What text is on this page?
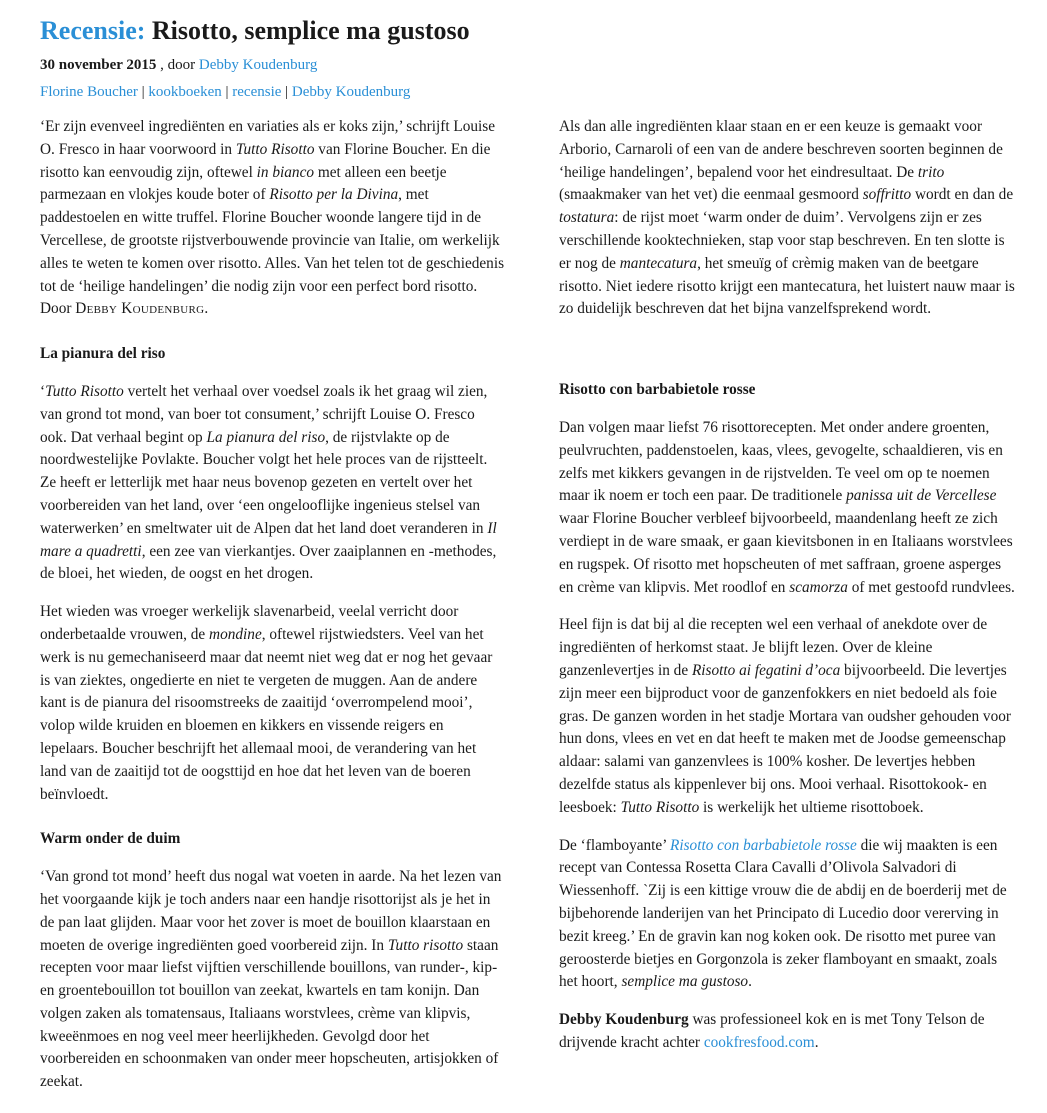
Recensie: Risotto, semplice ma gustoso
30 november 2015 , door Debby Koudenburg
Florine Boucher | kookboeken | recensie | Debby Koudenburg

‘Er zijn evenveel ingrediënten en variaties als er koks zijn,’ schrijft Louise O. Fresco in haar voorwoord in Tutto Risotto van Florine Boucher. En die risotto kan eenvoudig zijn, oftewel in bianco met alleen een beetje parmezaan en vlokjes koude boter of Risotto per la Divina, met paddestoelen en witte truffel. Florine Boucher woonde langere tijd in de Vercellese, de grootste rijstverbouwende provincie van Italie, om werkelijk alles te weten te komen over risotto. Alles. Van het telen tot de geschiedenis tot de ‘heilige handelingen’ die nodig zijn voor een perfect bord risotto. Door Debby Koudenburg.

La pianura del riso

‘Tutto Risotto vertelt het verhaal over voedsel zoals ik het graag wil zien, van grond tot mond, van boer tot consument,’ schrijft Louise O. Fresco ook. Dat verhaal begint op La pianura del riso, de rijstvlakte op de noordwestelijke Povlakte. Boucher volgt het hele proces van de rijstteelt. Ze heeft er letterlijk met haar neus bovenop gezeten en vertelt over het voorbereiden van het land, over ‘een ongelooflijke ingenieus stelsel van waterwerken’ en smeltwater uit de Alpen dat het land doet veranderen in Il mare a quadretti, een zee van vierkantjes. Over zaaiplannen en -methodes, de bloei, het wieden, de oogst en het drogen.

Het wieden was vroeger werkelijk slavenarbeid, veelal verricht door onderbetaalde vrouwen, de mondine, oftewel rijstwiedsters. Veel van het werk is nu gemechaniseerd maar dat neemt niet weg dat er nog het gevaar is van ziektes, ongedierte en niet te vergeten de muggen. Aan de andere kant is de pianura del risoomstreeks de zaaitijd ‘overrompelend mooi’, volop wilde kruiden en bloemen en kikkers en vissende reigers en lepelaars. Boucher beschrijft het allemaal mooi, de verandering van het land van de zaaitijd tot de oogsttijd en hoe dat het leven van de boeren beïnvloedt.

Warm onder de duim

‘Van grond tot mond’ heeft dus nogal wat voeten in aarde. Na het lezen van het voorgaande kijk je toch anders naar een handje risottorijst als je het in de pan laat glijden. Maar voor het zover is moet de bouillon klaarstaan en moeten de overige ingrediënten goed voorbereid zijn. In Tutto risotto staan recepten voor maar liefst vijftien verschillende bouillons, van runder-, kip- en groentebouillon tot bouillon van zeekat, kwartels en tam konijn. Dan volgen zaken als tomatensaus, Italiaans worstvlees, crème van klipvis, kweeënmoes en nog veel meer heerlijkheden. Gevolgd door het voorbereiden en schoonmaken van onder meer hopscheuten, artisjokken of zeekat.

Als dan alle ingrediënten klaar staan en er een keuze is gemaakt voor Arborio, Carnaroli of een van de andere beschreven soorten beginnen de ‘heilige handelingen’, bepalend voor het eindresultaat. De trito (smaakmaker van het vet) die eenmaal gesmoord soffritto wordt en dan de tostatura: de rijst moet ‘warm onder de duim’. Vervolgens zijn er zes verschillende kooktechnieken, stap voor stap beschreven. En ten slotte is er nog de mantecatura, het smeuïg of crèmig maken van de beetgare risotto. Niet iedere risotto krijgt een mantecatura, het luistert nauw maar is zo duidelijk beschreven dat het bijna vanzelfsprekend wordt.

Risotto con barbabietole rosse

Dan volgen maar liefst 76 risottorecepten. Met onder andere groenten, peulvruchten, paddenstoelen, kaas, vlees, gevogelte, schaaldieren, vis en zelfs met kikkers gevangen in de rijstvelden. Te veel om op te noemen maar ik noem er toch een paar. De traditionele panissa uit de Vercellese waar Florine Boucher verbleef bijvoorbeeld, maandenlang heeft ze zich verdiept in de ware smaak, er gaan kievitsbonen in en Italiaans worstvlees en rugspek. Of risotto met hopscheuten of met saffraan, groene asperges en crème van klipvis. Met roodlof en scamorza of met gestoofd rundvlees.

Heel fijn is dat bij al die recepten wel een verhaal of anekdote over de ingrediënten of herkomst staat. Je blijft lezen. Over de kleine ganzenlevertjes in de Risotto ai fegatini d’oca bijvoorbeeld. Die levertjes zijn meer een bijproduct voor de ganzenfokkers en niet bedoeld als foie gras. De ganzen worden in het stadje Mortara van oudsher gehouden voor hun dons, vlees en vet en dat heeft te maken met de Joodse gemeenschap aldaar: salami van ganzenvlees is 100% kosher. De levertjes hebben dezelfde status als kippenlever bij ons. Mooi verhaal. Risottokook- en leesboek: Tutto Risotto is werkelijk het ultieme risottoboek.

De ‘flamboyante’ Risotto con barbabietole rosse die wij maakten is een recept van Contessa Rosetta Clara Cavalli d’Olivola Salvadori di Wiessenhoff. `Zij is een kittige vrouw die de abdij en de boerderij met de bijbehorende landerijen van het Principato di Lucedio door vererving in bezit kreeg.’ En de gravin kan nog koken ook. De risotto met puree van geroosterde bietjes en Gorgonzola is zeker flamboyant en smaakt, zoals het hoort, semplice ma gustoso.

Debby Koudenburg was professioneel kok en is met Tony Telson de drijvende kracht achter cookfresfood.com.
